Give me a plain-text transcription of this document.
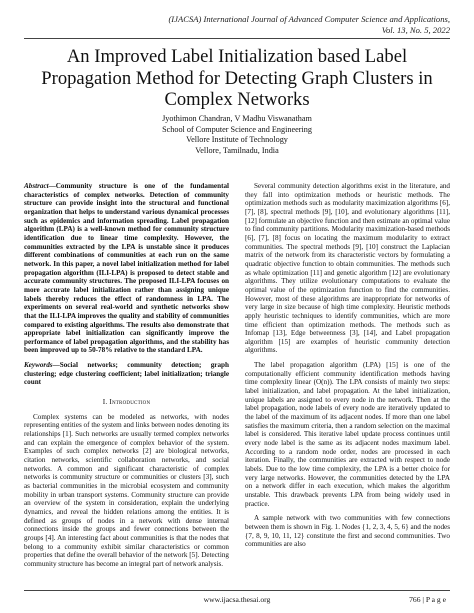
(IJACSA) International Journal of Advanced Computer Science and Applications,
Vol. 13, No. 5, 2022
An Improved Label Initialization based Label
Propagation Method for Detecting Graph Clusters in
Complex Networks
Jyothimon Chandran, V Madhu Viswanatham
School of Computer Science and Engineering
Vellore Institute of Technology
Vellore, Tamilnadu, India

Abstract—Community structure is one of the fundamental characteristics of complex networks. Detection of community structure can provide insight into the structural and functional organization that helps to understand various dynamical processes such as epidemics and information spreading. Label propagation algorithm (LPA) is a well-known method for community structure identification due to linear time complexity. However, the communities extracted by the LPA is unstable since it produces different combinations of communities at each run on the same network. In this paper, a novel label initialization method for label propagation algorithm (ILI-LPA) is proposed to detect stable and accurate community structures. The proposed ILI-LPA focuses on more accurate label initialization rather than assigning unique labels thereby reduces the effect of randomness in LPA. The experiments on several real-world and synthetic networks show that the ILI-LPA improves the quality and stability of communities compared to existing algorithms. The results also demonstrate that appropriate label initialization can significantly improve the performance of label propagation algorithms, and the stability has been improved up to 50-78% relative to the standard LPA.

Keywords—Social networks; community detection; graph clustering; edge clustering coefficient; label initialization; triangle count

I. Introduction

Complex systems can be modeled as networks, with nodes representing entities of the system and links between nodes denoting its relationships [1]. Such networks are usually termed complex networks and can explain the emergence of complex behavior of the system. Examples of such complex networks [2] are biological networks, citation networks, scientific collaboration networks, and social networks. A common and significant characteristic of complex networks is community structure or communities or clusters [3], such as bacterial communities in the microbial ecosystem and community mobility in urban transport systems. Community structure can provide an overview of the system in consideration, explain the underlying dynamics, and reveal the hidden relations among the entities. It is defined as groups of nodes in a network with dense internal connections inside the groups and fewer connections between the groups [4]. An interesting fact about communities is that the nodes that belong to a community exhibit similar characteristics or common properties that define the overall behavior of the network [5]. Detecting community structure has become an integral part of network analysis.

Several community detection algorithms exist in the literature, and they fall into optimization methods or heuristic methods. The optimization methods such as modularity maximization algorithms [6], [7], [8], spectral methods [9], [10], and evolutionary algorithms [11], [12] formulate an objective function and then estimate an optimal value to find community partitions. Modularity maximization-based methods [6], [7], [8] focus on locating the maximum modularity to extract communities. The spectral methods [9], [10] construct the Laplacian matrix of the network from its characteristic vectors by formulating a quadratic objective function to obtain communities. The methods such as whale optimization [11] and genetic algorithm [12] are evolutionary algorithms. They utilize evolutionary computations to evaluate the optimal value of the optimization function to find the communities. However, most of these algorithms are inappropriate for networks of very large in size because of high time complexity. Heuristic methods apply heuristic techniques to identify communities, which are more time efficient than optimization methods. The methods such as Infomap [13], Edge betweenness [3], [14], and Label propagation algorithm [15] are examples of heuristic community detection algorithms.

The label propagation algorithm (LPA) [15] is one of the computationally efficient community identification methods having time complexity linear (O(n)). The LPA consists of mainly two steps: label initialization, and label propagation. At the label initialization, unique labels are assigned to every node in the network. Then at the label propagation, node labels of every node are iteratively updated to the label of the maximum of its adjacent nodes. If more than one label satisfies the maximum criteria, then a random selection on the maximal label is considered. This iterative label update process continues until every node label is the same as its adjacent nodes maximum label. According to a random node order, nodes are processed in each iteration. Finally, the communities are extracted with respect to node labels. Due to the low time complexity, the LPA is a better choice for very large networks. However, the communities detected by the LPA on a network differ in each execution, which makes the algorithm unstable. This drawback prevents LPA from being widely used in practice.

A sample network with two communities with few connections between them is shown in Fig. 1. Nodes {1, 2, 3, 4, 5, 6} and the nodes {7, 8, 9, 10, 11, 12} constitute the first and second communities. Two communities are also

www.ijacsa.thesai.org	766 | P a g e
